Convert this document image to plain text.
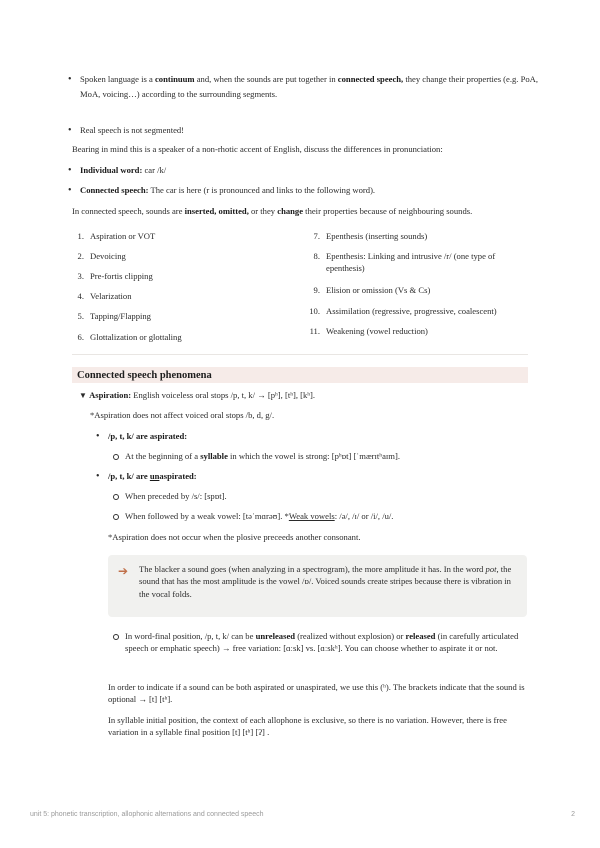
• Spoken language is a continuum and, when the sounds are put together in connected speech, they change their properties (e.g. PoA,

MoA, voicing…) according to the surrounding segments.

• Real speech is not segmented!

Bearing in mind this is a speaker of a non-rhotic accent of English, discuss the differences in pronunciation:

• Individual word: car /k/
• Connected speech: The car is here (r is pronounced and links to the following word).

In connected speech, sounds are inserted, omitted, or they change their properties because of neighbouring sounds.

1. Aspiration or VOT
2. Devoicing
3. Pre-fortis clipping
4. Velarization
5. Tapping/Flapping
6. Glottalization or glottaling
7. Epenthesis (inserting sounds)
8. Epenthesis: Linking and intrusive /r/ (one type of
epenthesis)
9. Elision or omission (Vs & Cs)
10. Assimilation (regressive, progressive, coalescent)
11. Weakening (vowel reduction)
Connected speech phenomena
▼ Aspiration: English voiceless oral stops /p, t, k/ → [pʰ], [tʰ], [kʰ].

*Aspiration does not affect voiced oral stops /b, d, g/.

• /p, t, k/ are aspirated:
At the beginning of a syllable in which the vowel is strong: [pʰɒt] [ˈmærɪtʰaɪm].
• /p, t, k/ are unaspirated:
When preceded by /s/: [spɒt].
When followed by a weak vowel: [təˈmɑrəʊ]. *Weak vowels: /ə/, /ɪ/ or /i/, /u/.

*Aspiration does not occur when the plosive preceeds another consonant.

➔ The blacker a sound goes (when analyzing in a spectrogram), the more amplitude it has. In the word pot, the sound that has the most amplitude is the vowel /ɒ/. Voiced sounds create stripes because there is vibration in the vocal folds.

In word-final position, /p, t, k/ can be unreleased (realized without explosion) or released (in carefully articulated speech or emphatic speech) → free variation: [ɑːsk] vs. [ɑːskʰ]. You can choose whether to aspirate it or not.

In order to indicate if a sound can be both aspirated or unaspirated, we use this (ʰ). The brackets indicate that the sound is optional → [t] [tʰ].

In syllable initial position, the context of each allophone is exclusive, so there is no variation. However, there is free variation in a syllable final position [t] [tʰ] [ʔ] .

unit 5: phonetic transcription, allophonic alternations and connected speech	2
